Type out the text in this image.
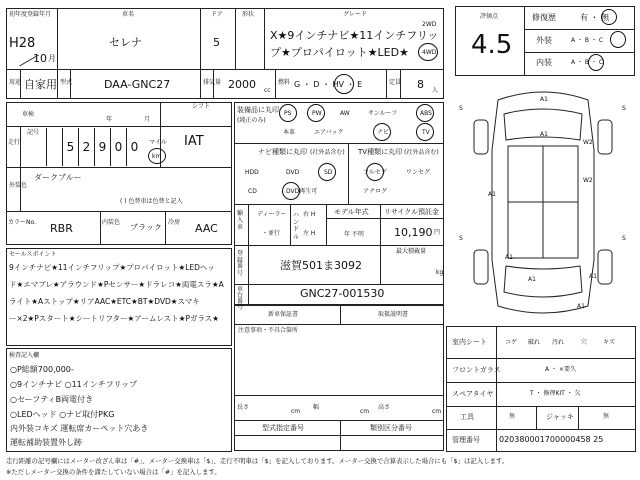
初年度登録年月
H28
10 月
車名
セレナ
ドア
5
形状	グレード
X★9インチナビ★11インチフリッ
プ★プロパイロット★LED★
2WD
4WD
評価点
4.5
修復歴	有 ・ 無
外装	A ・ B ・ C
内装	A ・ B ・ C
用途 自家用 型式	DAA-GNC27	排気量 2000 cc
燃料 G ・ D ・ HV ・ E	定員 8 人
車検
年	月
シフト
IAT
走行
記号
5 2 9 0 0	マイル
km
外装色
ダークブルー
( ) 色替車は色替と記入
カラーNo. RBR	内装色
ブラック
冷房 AAC
セールスポイント
9インチナビ★11インチフリップ★プロパイロット★LEDヘッ
ド★エマブレ★アラウンド★Pセンサー★ドラレコ★両電スラ★A
ライト★Aストップ★リアAAC★ETC★BT★DVD★スマキ
ー×2★Pスタート★シートリフター★アームレスト★Pガラス★
検査記入欄
○P総額700,000-
○9インチナビ ○11インチフリップ
○セーフティB両電付き
○LEDヘッド ○ナビ取付PKG
内外装コキズ 運転席カーペット穴あき
運転補助装置外し跡
装備品に丸印
(純正のみ)
PS	PW	AW	サンルーフ	ABS
本革	エアバック	ナビ	TV
ナビ種類に丸印 (社外品含む)
HDD	DVD	SD
CD	DVD再生可
TV種類に丸印 (社外品含む)
フルセグ	ワンセグ
アナログ
輸入車
ディーラー
・並行
ハンドル
右 H
左 H
モデル年式
年 不明
リサイクル預託金
10,190 円
登録番号
滋賀501ま3092
最大積載量
kg
車台番号
GNC27-001530
新車保証書	取扱説明書
注意事項・不具合箇所
長さ
cm
幅
cm
高さ
cm
型式指定番号	類別区分番号
A1
A1
W2
W2
A1
A1
A1
A1
A1
S	S
S	S
室内シート	コゲ 破れ 汚れ	穴	キズ
フロントガラス	A ・ ×要久
スペアタイヤ	T ・ 修理KIT ・ 欠
工具	無	ジャッキ	無
管理番号 020380001700000458 25
走行距離の記号欄にはメーター改ざん車は「#」、メーター交換車は「$」、走行不明車は「$」を記入しております。メーター交換で合算表示した場合にも「$」は記入します。
※ただしメーター交換の条件を満たしていない場合は「#」を記入します。
